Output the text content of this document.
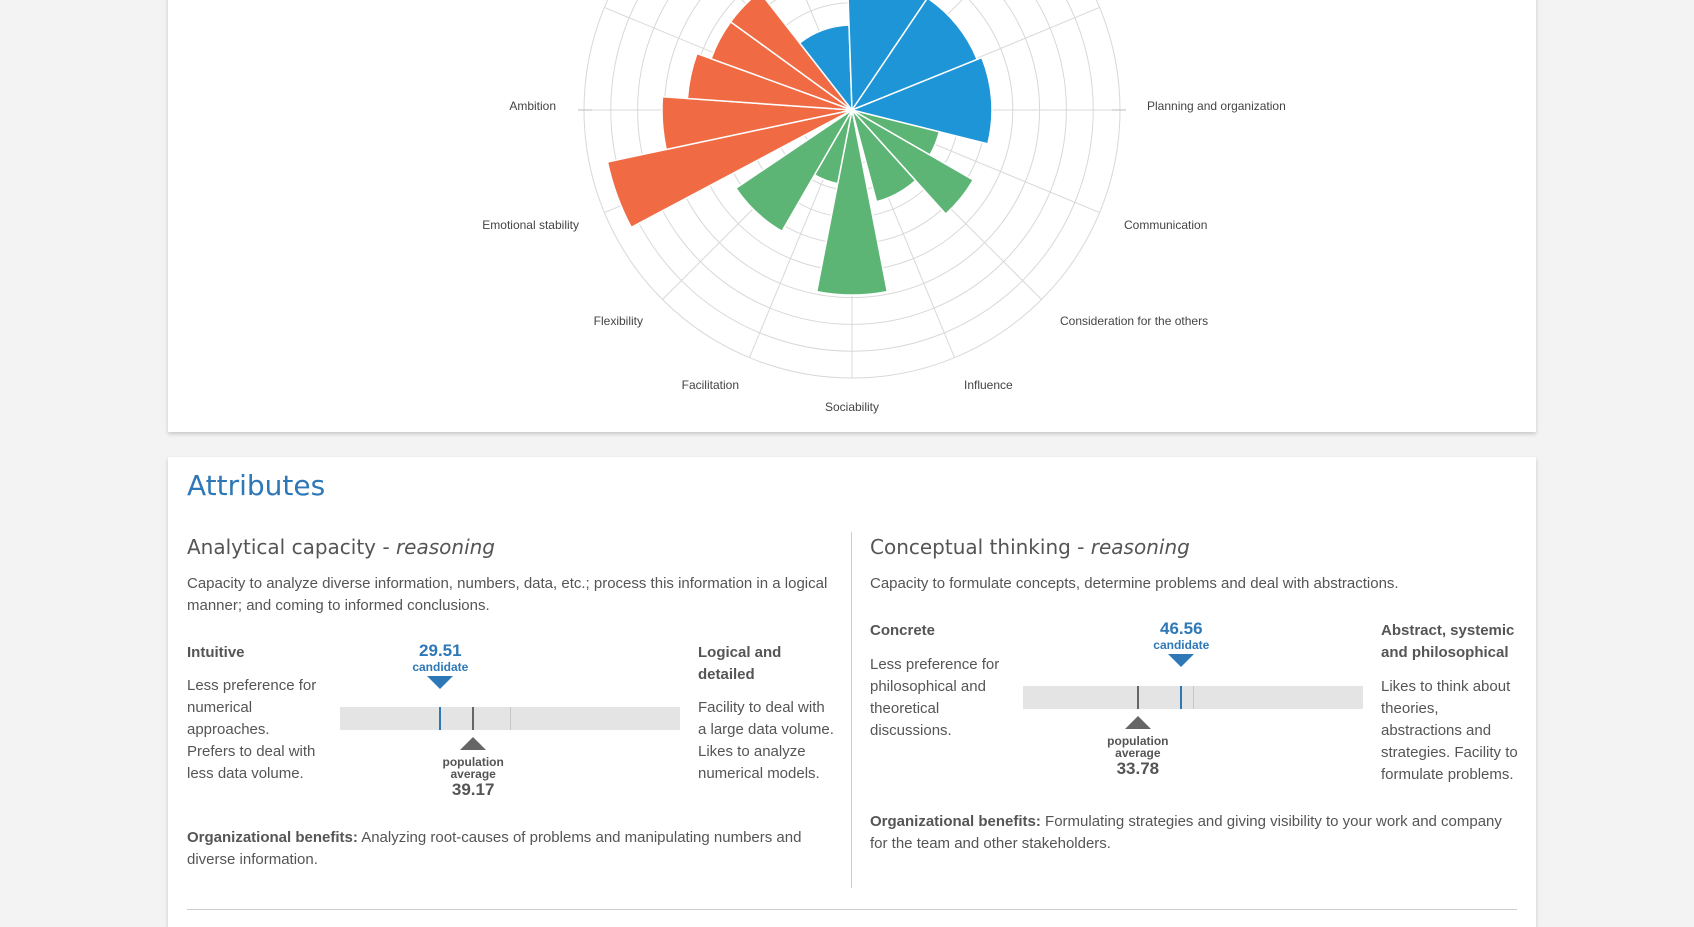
Ambition	Planning and organization
Emotional stability	Communication
Flexibility	Consideration for the others
Facilitation	Influence
Sociability
Attributes
Analytical capacity - reasoning

Capacity to analyze diverse information, numbers, data, etc.; process this information in a logical manner; and coming to informed conclusions.

Intuitive

Less preference for numerical approaches. Prefers to deal with less data volume.

29.51
candidate
population average
39.17
Logical and detailed

Facility to deal with a large data volume. Likes to analyze numerical models.

Organizational benefits: Analyzing root-causes of problems and manipulating numbers and diverse information.

Conceptual thinking - reasoning

Capacity to formulate concepts, determine problems and deal with abstractions.

Concrete

Less preference for philosophical and theoretical discussions.

46.56
candidate
population average
33.78
Abstract, systemic and philosophical

Likes to think about theories, abstractions and strategies. Facility to formulate problems.

Organizational benefits: Formulating strategies and giving visibility to your work and company for the team and other stakeholders.
